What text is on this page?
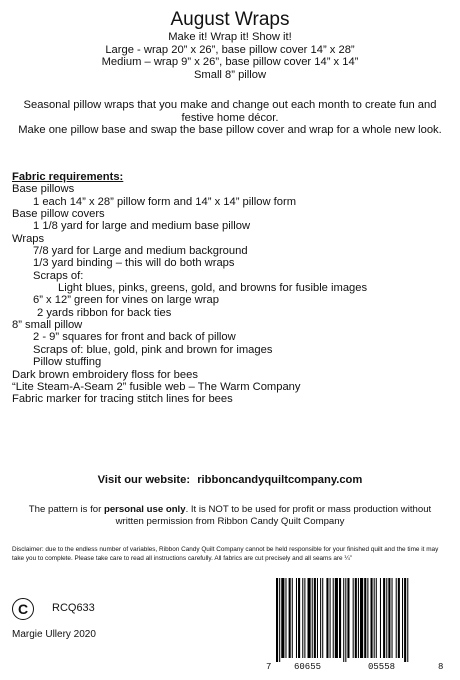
August Wraps
Make it! Wrap it! Show it!
Large - wrap 20” x 26”, base pillow cover 14” x 28”
Medium – wrap 9” x 26”, base pillow cover 14” x 14”
Small 8” pillow
Seasonal pillow wraps that you make and change out each month to create fun and festive home décor.
Make one pillow base and swap the base pillow cover and wrap for a whole new look.
Fabric requirements:
Base pillows
1 each 14” x 28” pillow form and 14” x 14” pillow form
Base pillow covers
1 1/8 yard for large and medium base pillow
Wraps
7/8 yard for Large and medium background
1/3 yard binding – this will do both wraps
Scraps of:
Light blues, pinks, greens, gold, and browns for fusible images
6” x 12” green for vines on large wrap
2 yards ribbon for back ties
8” small pillow
2 - 9” squares for front and back of pillow
Scraps of: blue, gold, pink and brown for images
Pillow stuffing
Dark brown embroidery floss for bees
“Lite Steam-A-Seam 2” fusible web – The Warm Company
Fabric marker for tracing stitch lines for bees
Visit our website: ribboncandyquiltcompany.com
The pattern is for personal use only. It is NOT to be used for profit or mass production without written permission from Ribbon Candy Quilt Company
Disclaimer: due to the endless number of variables, Ribbon Candy Quilt Company cannot be held responsible for your finished quilt and the time it may take you to complete. Please take care to read all instructions carefully. All fabrics are cut precisely and all seams are ¼”
C	RCQ633
Margie Ullery 2020
7	60655	05558	8
